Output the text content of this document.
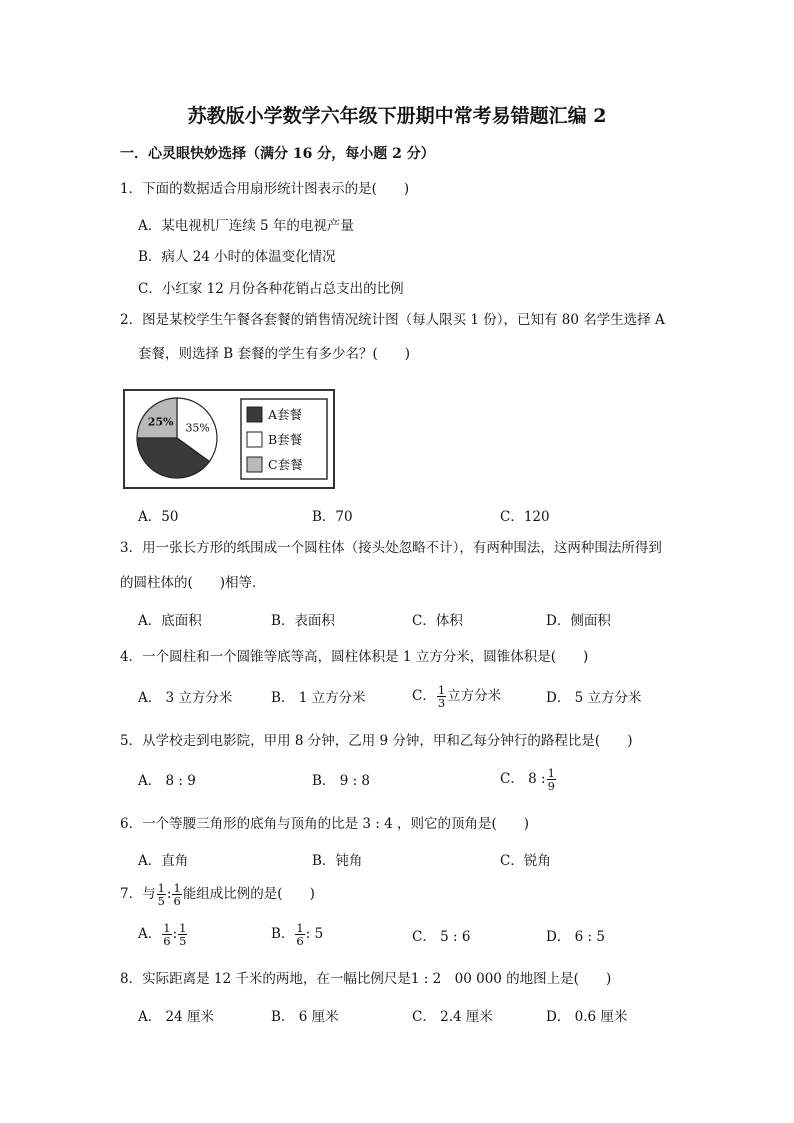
苏教版小学数学六年级下册期中常考易错题汇编 2
一．心灵眼快妙选择（满分 16 分，每小题 2 分）
1．下面的数据适合用扇形统计图表示的是(　　)
A．某电视机厂连续 5 年的电视产量
B．病人 24 小时的体温变化情况
C．小红家 12 月份各种花销占总支出的比例
2．图是某校学生午餐各套餐的销售情况统计图（每人限买 1 份），已知有 80 名学生选择 A
套餐，则选择 B 套餐的学生有多少名？(　　)
35%
25%
A套餐
B套餐
C套餐
A．50	B．70	C．120
3．用一张长方形的纸围成一个圆柱体（接头处忽略不计），有两种围法，这两种围法所得到
的圆柱体的(　　)相等．
A．底面积	B．表面积	C．体积	D．侧面积
4．一个圆柱和一个圆锥等底等高，圆柱体积是 1 立方分米，圆锥体积是(　　)
A． 3 立方分米	B． 1 立方分米	C． $\frac{1}{3}$ 立方分米	D． 5 立方分米
5．从学校走到电影院，甲用 8 分钟，乙用 9 分钟，甲和乙每分钟行的路程比是(　　)
A． 8 : 9	B． 9 : 8	C． 8 : $\frac{1}{9}$
6．一个等腰三角形的底角与顶角的比是 3 : 4 ，则它的顶角是(　　)
A．直角	B．钝角	C．锐角
7．与 $\frac{1}{5}$ : $\frac{1}{6}$ 能组成比例的是(　　)
A． $\frac{1}{6}$ : $\frac{1}{5}$	B． $\frac{1}{6}$ : 5	C． 5 : 6	D． 6 : 5
8．实际距离是 12 千米的两地，在一幅比例尺是1 : 2　00 000 的地图上是(　　)
A． 24 厘米	B． 6 厘米	C． 2.4 厘米	D． 0.6 厘米
